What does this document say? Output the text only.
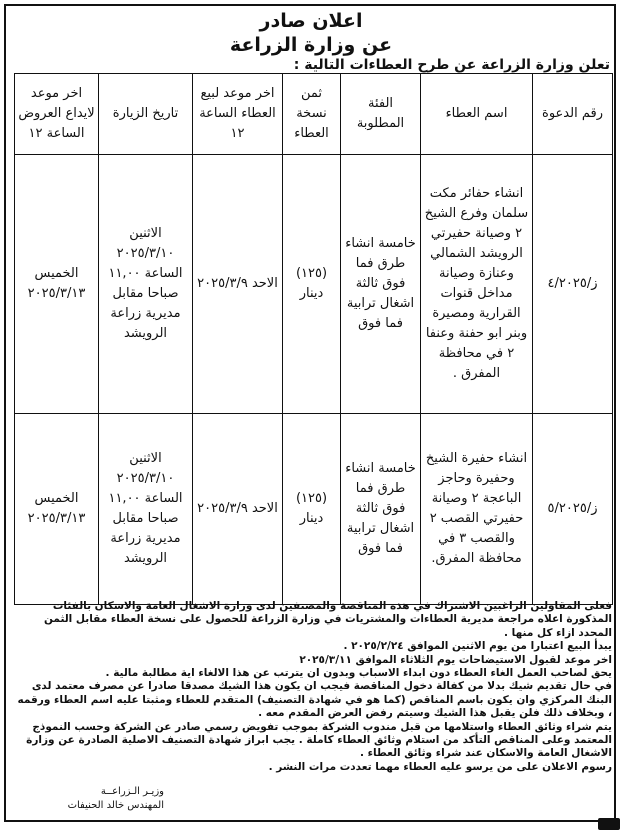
اعلان صادر
عن وزارة الزراعة
تعلن وزارة الزراعة عن طرح العطاءات التالية :
رقم الدعوة	اسم العطاء	الفئة المطلوبة	ثمن نسخة العطاء	اخر موعد لبيع العطاء الساعة ١٢	تاريخ الزيارة	اخر موعد لايداع العروض الساعة ١٢
ز/٤/٢٠٢٥	انشاء حفائر مكت سلمان وفرع الشيخ ٢ وصيانة حفيرتي الرويشد الشمالي وعنازة وصيانة مداخل قنوات القرارية ومصيرة وبنر ابو حفنة وعنفا ٢ في محافظة المفرق .	خامسة انشاء طرق فما فوق ثالثة اشغال ترابية فما فوق	(١٢٥) دينار	الاحد ٢٠٢٥/٣/٩	الاثنين ٢٠٢٥/٣/١٠ الساعة ١١,٠٠ صباحا مقابل مديرية زراعة الرويشد	الخميس ٢٠٢٥/٣/١٣
ز/٥/٢٠٢٥	انشاء حفيرة الشيخ وحفيرة وحاجز الباعجة ٢ وصيانة حفيرتي القصب ٢ والقصب ٣ في محافظة المفرق.	خامسة انشاء طرق فما فوق ثالثة اشغال ترابية فما فوق	(١٢٥) دينار	الاحد ٢٠٢٥/٣/٩	الاثنين ٢٠٢٥/٣/١٠ الساعة ١١,٠٠ صباحا مقابل مديرية زراعة الرويشد	الخميس ٢٠٢٥/٣/١٣

فعلى المقاولين الراغبين الاشتراك في هذه المناقصة والمصنفين لدى وزارة الاشغال العامة والاسكان بالفئات المذكورة اعلاه مراجعة مديرية العطاءات والمشتريات في وزارة الزراعة للحصول على نسخة العطاء مقابل الثمن المحدد ازاء كل منها .

يبدأ البيع اعتبارا من يوم الاثنين الموافق ٢٠٢٥/٢/٢٤ .

اخر موعد لقبول الاستيضاحات يوم الثلاثاء الموافق ٢٠٢٥/٣/١١

يحق لصاحب العمل الغاء العطاء دون ابداء الاسباب وبدون ان يترتب عن هذا الالغاء اية مطالبة مالية .

في حال تقديم شيك بدلا من كفالة دخول المناقصة فيجب ان يكون هذا الشيك مصدقا صادرا عن مصرف معتمد لدى البنك المركزي وان يكون باسم المناقص (كما هو في شهادة التصنيف) المتقدم للعطاء ومثبتا عليه اسم العطاء ورقمه ، وبخلاف ذلك فلن يقبل هذا الشيك وسيتم رفض العرض المقدم معه .

يتم شراء وثائق العطاء واستلامها من قبل مندوب الشركة بموجب تفويض رسمي صادر عن الشركة وحسب النموذج المعتمد وعلى المناقص التأكد من استلام وثائق العطاء كاملة . يجب ابراز شهادة التصنيف الاصلية الصادرة عن وزارة الاشغال العامة والاسكان عند شراء وثائق العطاء .

رسوم الاعلان على من يرسو عليه العطاء مهما تعددت مرات النشر .

وزيـر الـزراعــة
المهندس خالد الحنيفات
